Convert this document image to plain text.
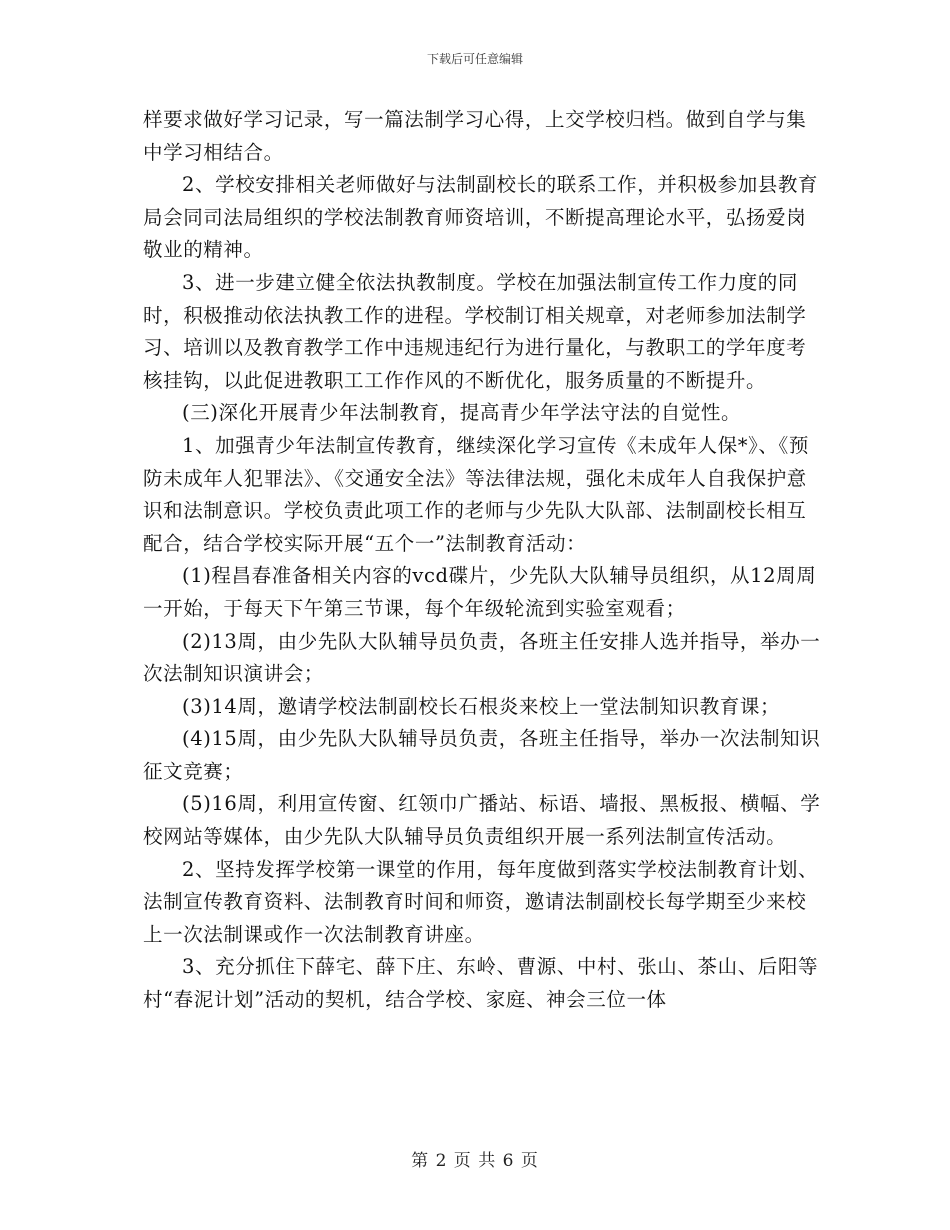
下载后可任意编辑

样要求做好学习记录，写一篇法制学习心得，上交学校归档。做到自学与集中学习相结合。

2、学校安排相关老师做好与法制副校长的联系工作，并积极参加县教育局会同司法局组织的学校法制教育师资培训，不断提高理论水平，弘扬爱岗敬业的精神。

3、进一步建立健全依法执教制度。学校在加强法制宣传工作力度的同时，积极推动依法执教工作的进程。学校制订相关规章，对老师参加法制学习、培训以及教育教学工作中违规违纪行为进行量化，与教职工的学年度考核挂钩，以此促进教职工工作作风的不断优化，服务质量的不断提升。

(三)深化开展青少年法制教育，提高青少年学法守法的自觉性。

1、加强青少年法制宣传教育，继续深化学习宣传《未成年人保*》、《预防未成年人犯罪法》、《交通安全法》等法律法规，强化未成年人自我保护意识和法制意识。学校负责此项工作的老师与少先队大队部、法制副校长相互配合，结合学校实际开展“五个一”法制教育活动：

(1)程昌春准备相关内容的vcd碟片，少先队大队辅导员组织，从12周周一开始，于每天下午第三节课，每个年级轮流到实验室观看；

(2)13周，由少先队大队辅导员负责，各班主任安排人选并指导，举办一次法制知识演讲会；

(3)14周，邀请学校法制副校长石根炎来校上一堂法制知识教育课；

(4)15周，由少先队大队辅导员负责，各班主任指导，举办一次法制知识征文竞赛；

(5)16周，利用宣传窗、红领巾广播站、标语、墙报、黑板报、横幅、学校网站等媒体，由少先队大队辅导员负责组织开展一系列法制宣传活动。

2、坚持发挥学校第一课堂的作用，每年度做到落实学校法制教育计划、法制宣传教育资料、法制教育时间和师资，邀请法制副校长每学期至少来校上一次法制课或作一次法制教育讲座。

3、充分抓住下薛宅、薛下庄、东岭、曹源、中村、张山、茶山、后阳等村“春泥计划”活动的契机，结合学校、家庭、神会三位一体

第 2 页 共 6 页
